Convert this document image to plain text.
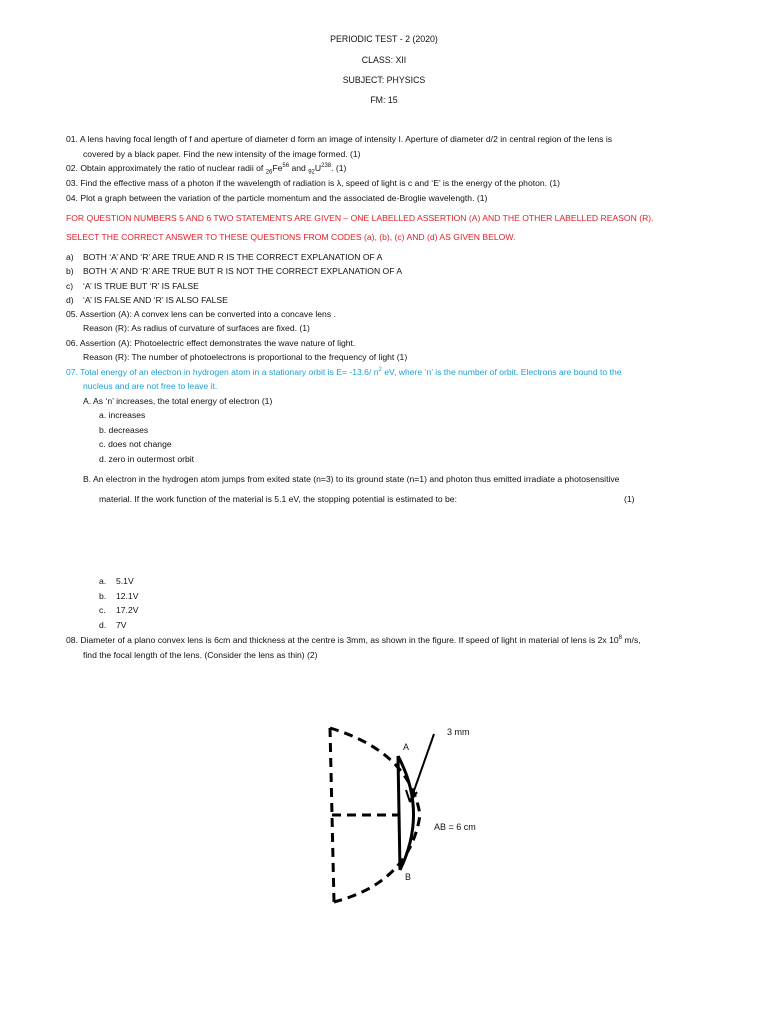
PERIODIC TEST - 2 (2020)
CLASS: XII
SUBJECT: PHYSICS
FM: 15
01. A lens having focal length of f and aperture of diameter d form an image of intensity I. Aperture of diameter d/2 in central region of the lens is
covered by a black paper. Find the new intensity of the image formed. (1)
02. Obtain approximately the ratio of nuclear radii of $_{26}Fe^{56}$ and $_{92}U^{238}$. (1)
03. Find the effective mass of a photon if the wavelength of radiation is λ, speed of light is c and ‘E’ is the energy of the photon. (1)
04. Plot a graph between the variation of the particle momentum and the associated de-Broglie wavelength. (1)
FOR QUESTION NUMBERS 5 AND 6 TWO STATEMENTS ARE GIVEN – ONE LABELLED ASSERTION (A) AND THE OTHER LABELLED REASON (R).
SELECT THE CORRECT ANSWER TO THESE QUESTIONS FROM CODES (a), (b), (c) AND (d) AS GIVEN BELOW.
a) BOTH ‘A’ AND ‘R’ ARE TRUE AND R IS THE CORRECT EXPLANATION OF A
b) BOTH ‘A’ AND ‘R’ ARE TRUE BUT R IS NOT THE CORRECT EXPLANATION OF A
c) ‘A’ IS TRUE BUT ‘R’ IS FALSE
d) ‘A’ IS FALSE AND ‘R’ IS ALSO FALSE
05. Assertion (A): A convex lens can be converted into a concave lens .
Reason (R): As radius of curvature of surfaces are fixed. (1)
06. Assertion (A): Photoelectric effect demonstrates the wave nature of light.
Reason (R): The number of photoelectrons is proportional to the frequency of light (1)
07. Total energy of an electron in hydrogen atom in a stationary orbit is E= -13.6/ $n^2$ eV, where ‘n’ is the number of orbit. Electrons are bound to the
nucleus and are not free to leave it.
A. As ‘n’ increases, the total energy of electron (1)
a. increases
b. decreases
c. does not change
d. zero in outermost orbit
B. An electron in the hydrogen atom jumps from exited state (n=3) to its ground state (n=1) and photon thus emitted irradiate a photosensitive
material. If the work function of the material is 5.1 eV, the stopping potential is estimated to be:	(1)
a. 5.1V
b. 12.1V
c. 17.2V
d. 7V
08. Diameter of a plano convex lens is 6cm and thickness at the centre is 3mm, as shown in the figure. If speed of light in material of lens is 2x $10^8$ m/s,
find the focal length of the lens. (Consider the lens as thin) (2)
3 mm
A
AB = 6 cm
B
